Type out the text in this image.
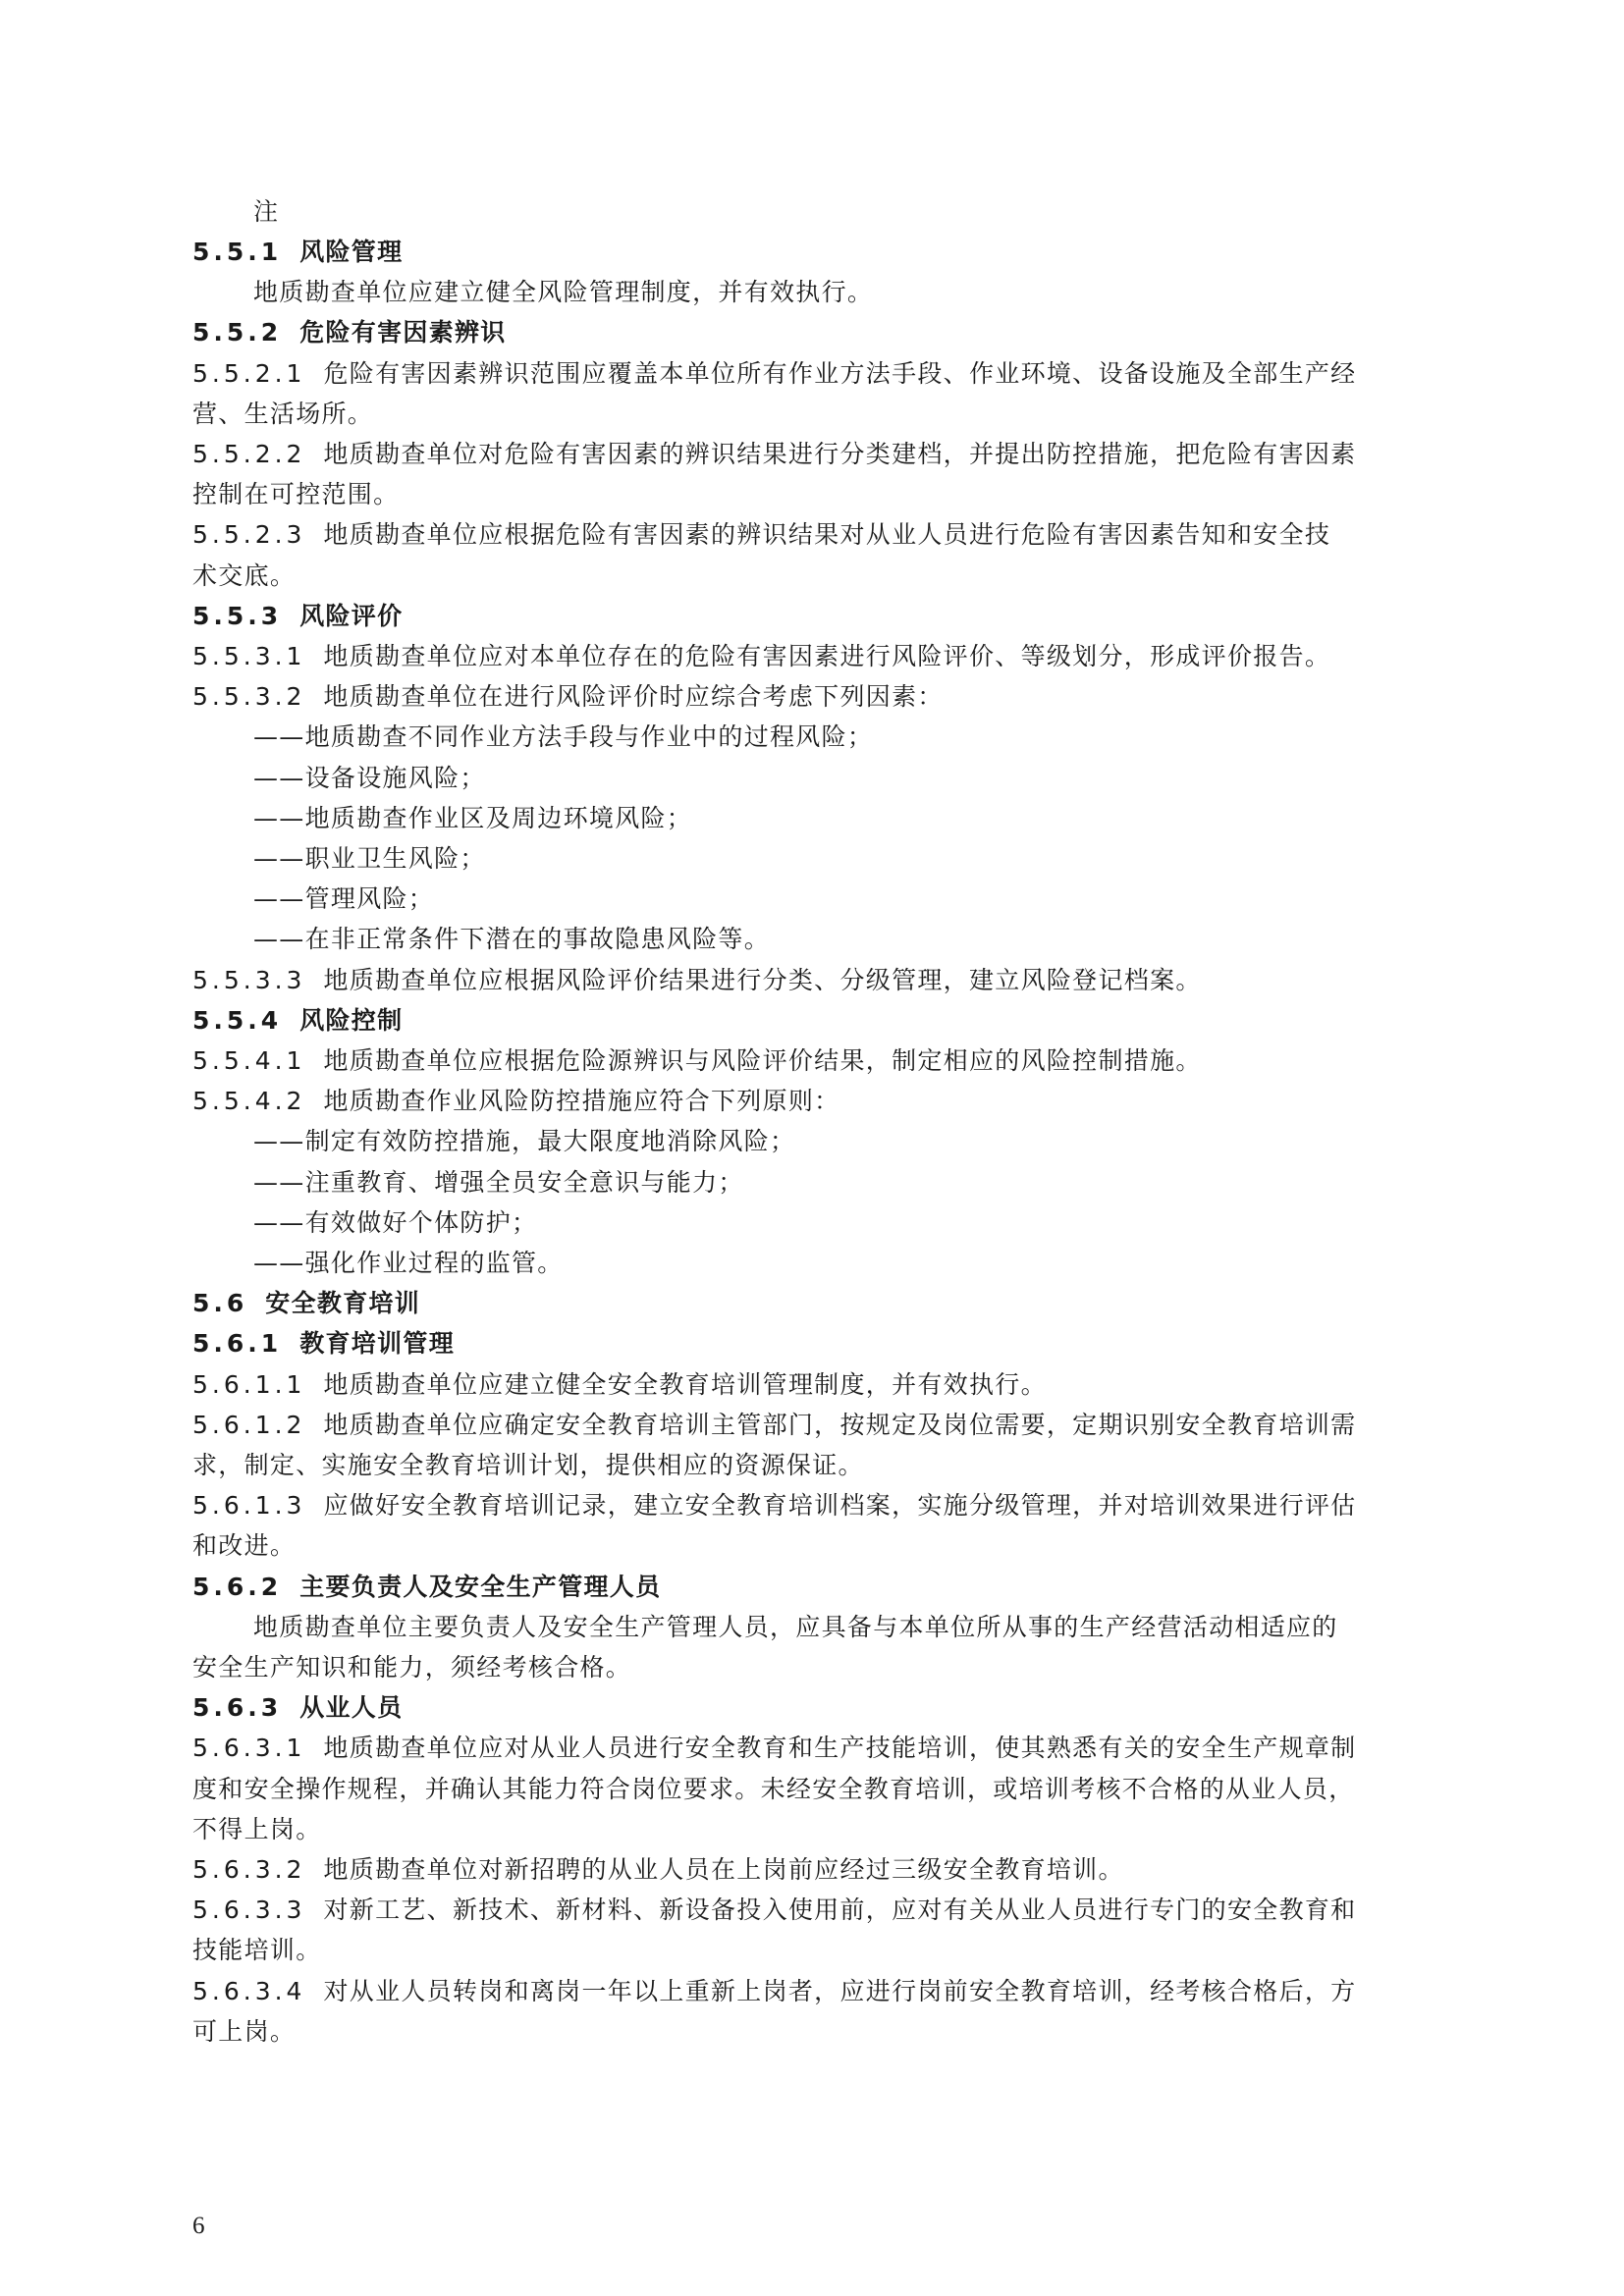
注
5.5.1 风险管理
地质勘查单位应建立健全风险管理制度，并有效执行。
5.5.2 危险有害因素辨识
5.5.2.1 危险有害因素辨识范围应覆盖本单位所有作业方法手段、作业环境、设备设施及全部生产经
营、生活场所。
5.5.2.2 地质勘查单位对危险有害因素的辨识结果进行分类建档，并提出防控措施，把危险有害因素
控制在可控范围。
5.5.2.3 地质勘查单位应根据危险有害因素的辨识结果对从业人员进行危险有害因素告知和安全技
术交底。
5.5.3 风险评价
5.5.3.1 地质勘查单位应对本单位存在的危险有害因素进行风险评价、等级划分，形成评价报告。
5.5.3.2 地质勘查单位在进行风险评价时应综合考虑下列因素：
——地质勘查不同作业方法手段与作业中的过程风险；
——设备设施风险；
——地质勘查作业区及周边环境风险；
——职业卫生风险；
——管理风险；
——在非正常条件下潜在的事故隐患风险等。
5.5.3.3 地质勘查单位应根据风险评价结果进行分类、分级管理，建立风险登记档案。
5.5.4 风险控制
5.5.4.1 地质勘查单位应根据危险源辨识与风险评价结果，制定相应的风险控制措施。
5.5.4.2 地质勘查作业风险防控措施应符合下列原则：
——制定有效防控措施，最大限度地消除风险；
——注重教育、增强全员安全意识与能力；
——有效做好个体防护；
——强化作业过程的监管。
5.6 安全教育培训
5.6.1 教育培训管理
5.6.1.1 地质勘查单位应建立健全安全教育培训管理制度，并有效执行。
5.6.1.2 地质勘查单位应确定安全教育培训主管部门，按规定及岗位需要，定期识别安全教育培训需
求，制定、实施安全教育培训计划，提供相应的资源保证。
5.6.1.3 应做好安全教育培训记录，建立安全教育培训档案，实施分级管理，并对培训效果进行评估
和改进。
5.6.2 主要负责人及安全生产管理人员
地质勘查单位主要负责人及安全生产管理人员，应具备与本单位所从事的生产经营活动相适应的
安全生产知识和能力，须经考核合格。
5.6.3 从业人员
5.6.3.1 地质勘查单位应对从业人员进行安全教育和生产技能培训，使其熟悉有关的安全生产规章制
度和安全操作规程，并确认其能力符合岗位要求。未经安全教育培训，或培训考核不合格的从业人员，
不得上岗。
5.6.3.2 地质勘查单位对新招聘的从业人员在上岗前应经过三级安全教育培训。
5.6.3.3 对新工艺、新技术、新材料、新设备投入使用前，应对有关从业人员进行专门的安全教育和
技能培训。
5.6.3.4 对从业人员转岗和离岗一年以上重新上岗者，应进行岗前安全教育培训，经考核合格后，方
可上岗。
6
